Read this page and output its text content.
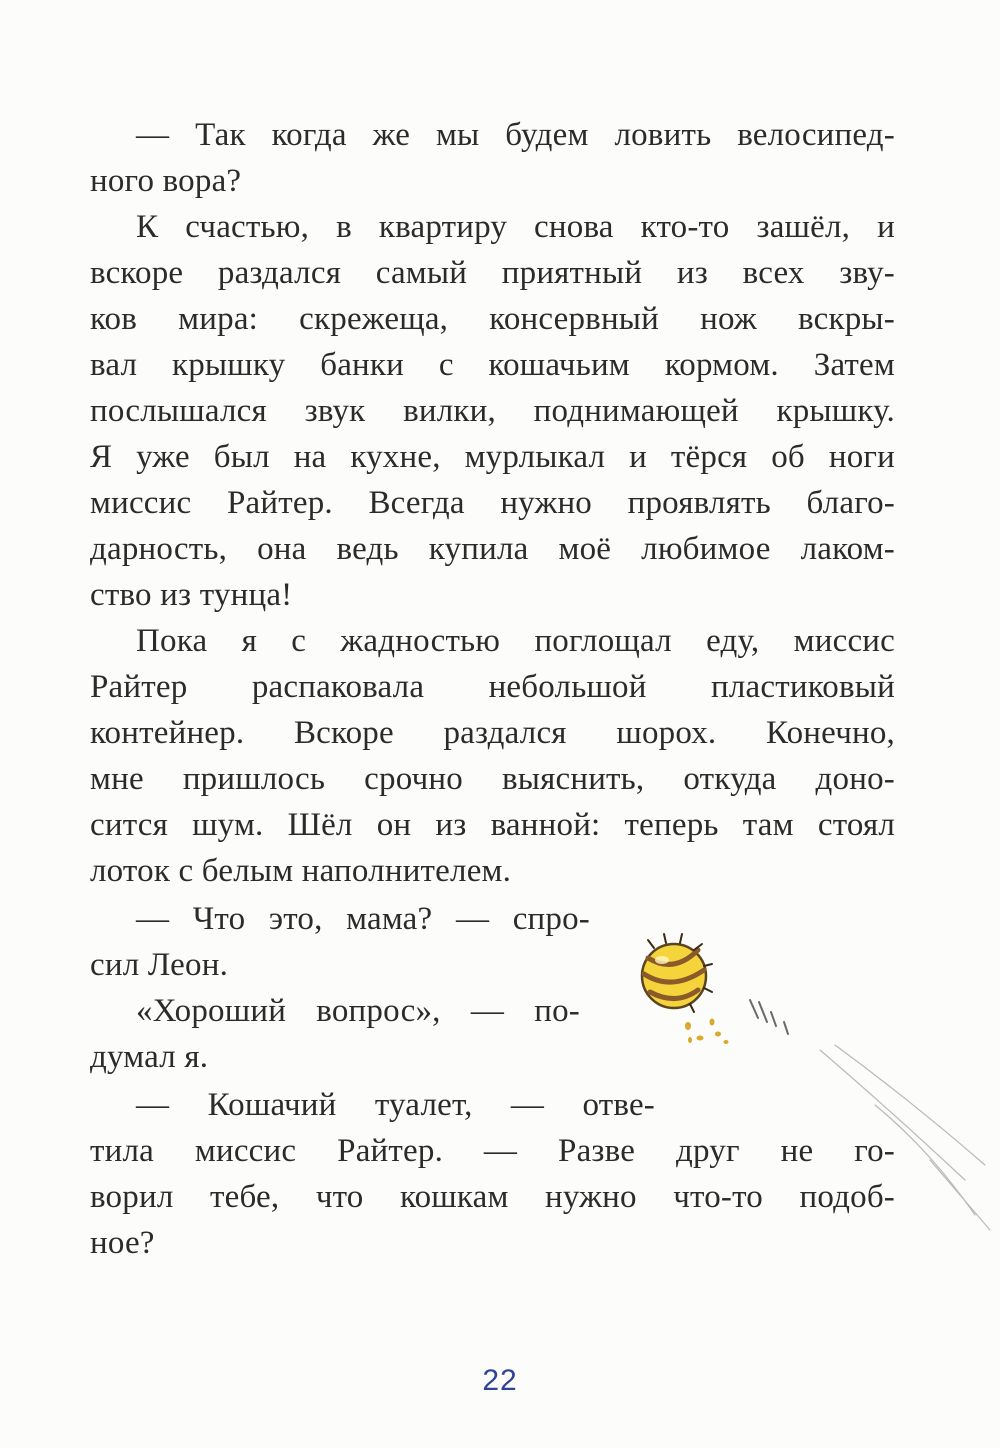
— Так когда же мы будем ловить велосипед-
ного вора?
К счастью, в квартиру снова кто-то зашёл, и
вскоре раздался самый приятный из всех зву-
ков мира: скрежеща, консервный нож вскры-
вал крышку банки с кошачьим кормом. Затем
послышался звук вилки, поднимающей крышку.
Я уже был на кухне, мурлыкал и тёрся об ноги
миссис Райтер. Всегда нужно проявлять благо-
дарность, она ведь купила моё любимое лаком-
ство из тунца!
Пока я с жадностью поглощал еду, миссис
Райтер распаковала небольшой пластиковый
контейнер. Вскоре раздался шорох. Конечно,
мне пришлось срочно выяснить, откуда доно-
сится шум. Шёл он из ванной: теперь там стоял
лоток с белым наполнителем.
— Что это, мама? — спро-
сил Леон.
«Хороший вопрос», — по-
думал я.
— Кошачий туалет, — отве-
тила миссис Райтер. — Разве друг не го-
ворил тебе, что кошкам нужно что-то подоб-
ное?
22
